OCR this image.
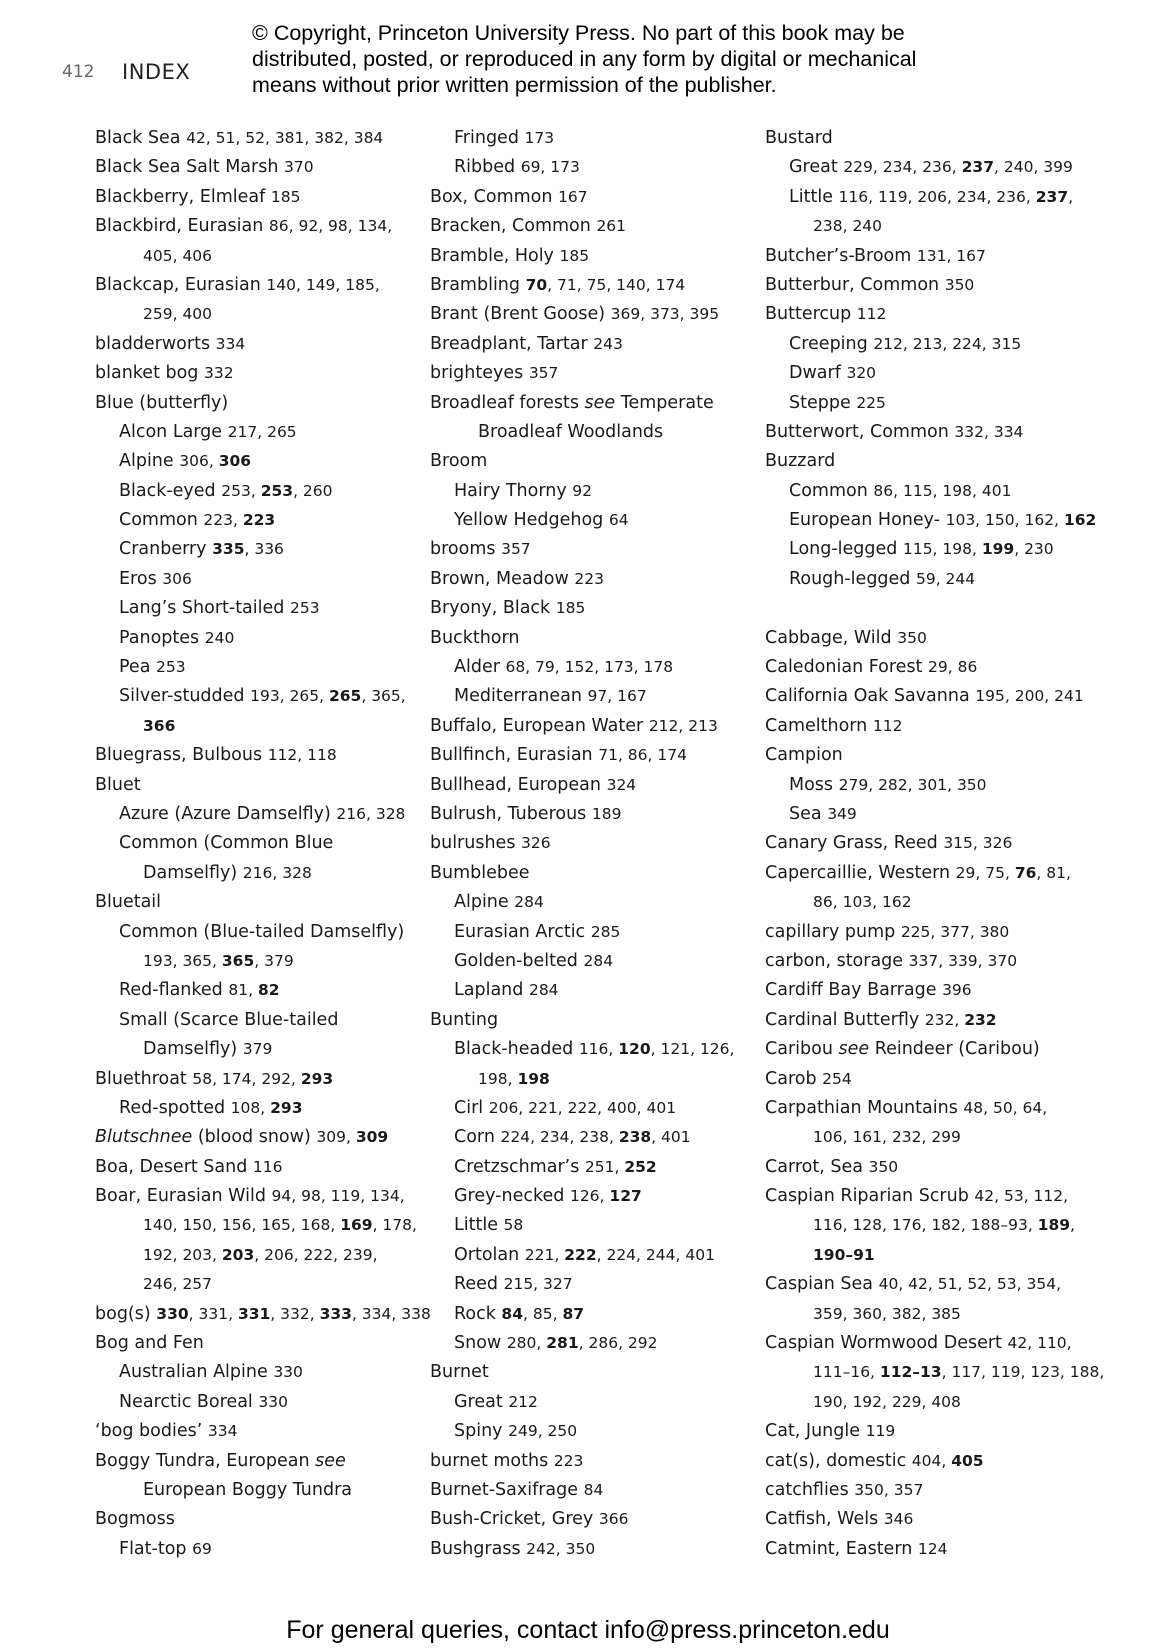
412 INDEX
© Copyright, Princeton University Press. No part of this book may be distributed, posted, or reproduced in any form by digital or mechanical means without prior written permission of the publisher.
Black Sea 42, 51, 52, 381, 382, 384
Black Sea Salt Marsh 370
Blackberry, Elmleaf 185
Blackbird, Eurasian 86, 92, 98, 134,
405, 406
Blackcap, Eurasian 140, 149, 185,
259, 400
bladderworts 334
blanket bog 332
Blue (butterfly)
Alcon Large 217, 265
Alpine 306, 306
Black-eyed 253, 253, 260
Common 223, 223
Cranberry 335, 336
Eros 306
Lang’s Short-tailed 253
Panoptes 240
Pea 253
Silver-studded 193, 265, 265, 365,
366
Bluegrass, Bulbous 112, 118
Bluet
Azure (Azure Damselfly) 216, 328
Common (Common Blue
Damselfly) 216, 328
Bluetail
Common (Blue-tailed Damselfly)
193, 365, 365, 379
Red-flanked 81, 82
Small (Scarce Blue-tailed
Damselfly) 379
Bluethroat 58, 174, 292, 293
Red-spotted 108, 293
Blutschnee (blood snow) 309, 309
Boa, Desert Sand 116
Boar, Eurasian Wild 94, 98, 119, 134,
140, 150, 156, 165, 168, 169, 178,
192, 203, 203, 206, 222, 239,
246, 257
bog(s) 330, 331, 331, 332, 333, 334, 338
Bog and Fen
Australian Alpine 330
Nearctic Boreal 330
‘bog bodies’ 334
Boggy Tundra, European see
European Boggy Tundra
Bogmoss
Flat-top 69
Fringed 173
Ribbed 69, 173
Box, Common 167
Bracken, Common 261
Bramble, Holy 185
Brambling 70, 71, 75, 140, 174
Brant (Brent Goose) 369, 373, 395
Breadplant, Tartar 243
brighteyes 357
Broadleaf forests see Temperate
Broadleaf Woodlands
Broom
Hairy Thorny 92
Yellow Hedgehog 64
brooms 357
Brown, Meadow 223
Bryony, Black 185
Buckthorn
Alder 68, 79, 152, 173, 178
Mediterranean 97, 167
Buffalo, European Water 212, 213
Bullfinch, Eurasian 71, 86, 174
Bullhead, European 324
Bulrush, Tuberous 189
bulrushes 326
Bumblebee
Alpine 284
Eurasian Arctic 285
Golden-belted 284
Lapland 284
Bunting
Black-headed 116, 120, 121, 126,
198, 198
Cirl 206, 221, 222, 400, 401
Corn 224, 234, 238, 238, 401
Cretzschmar’s 251, 252
Grey-necked 126, 127
Little 58
Ortolan 221, 222, 224, 244, 401
Reed 215, 327
Rock 84, 85, 87
Snow 280, 281, 286, 292
Burnet
Great 212
Spiny 249, 250
burnet moths 223
Burnet-Saxifrage 84
Bush-Cricket, Grey 366
Bushgrass 242, 350
Bustard
Great 229, 234, 236, 237, 240, 399
Little 116, 119, 206, 234, 236, 237,
238, 240
Butcher’s-Broom 131, 167
Butterbur, Common 350
Buttercup 112
Creeping 212, 213, 224, 315
Dwarf 320
Steppe 225
Butterwort, Common 332, 334
Buzzard
Common 86, 115, 198, 401
European Honey- 103, 150, 162, 162
Long-legged 115, 198, 199, 230
Rough-legged 59, 244
Cabbage, Wild 350
Caledonian Forest 29, 86
California Oak Savanna 195, 200, 241
Camelthorn 112
Campion
Moss 279, 282, 301, 350
Sea 349
Canary Grass, Reed 315, 326
Capercaillie, Western 29, 75, 76, 81,
86, 103, 162
capillary pump 225, 377, 380
carbon, storage 337, 339, 370
Cardiff Bay Barrage 396
Cardinal Butterfly 232, 232
Caribou see Reindeer (Caribou)
Carob 254
Carpathian Mountains 48, 50, 64,
106, 161, 232, 299
Carrot, Sea 350
Caspian Riparian Scrub 42, 53, 112,
116, 128, 176, 182, 188–93, 189,
190–91
Caspian Sea 40, 42, 51, 52, 53, 354,
359, 360, 382, 385
Caspian Wormwood Desert 42, 110,
111–16, 112–13, 117, 119, 123, 188,
190, 192, 229, 408
Cat, Jungle 119
cat(s), domestic 404, 405
catchflies 350, 357
Catfish, Wels 346
Catmint, Eastern 124
For general queries, contact info@press.princeton.edu
